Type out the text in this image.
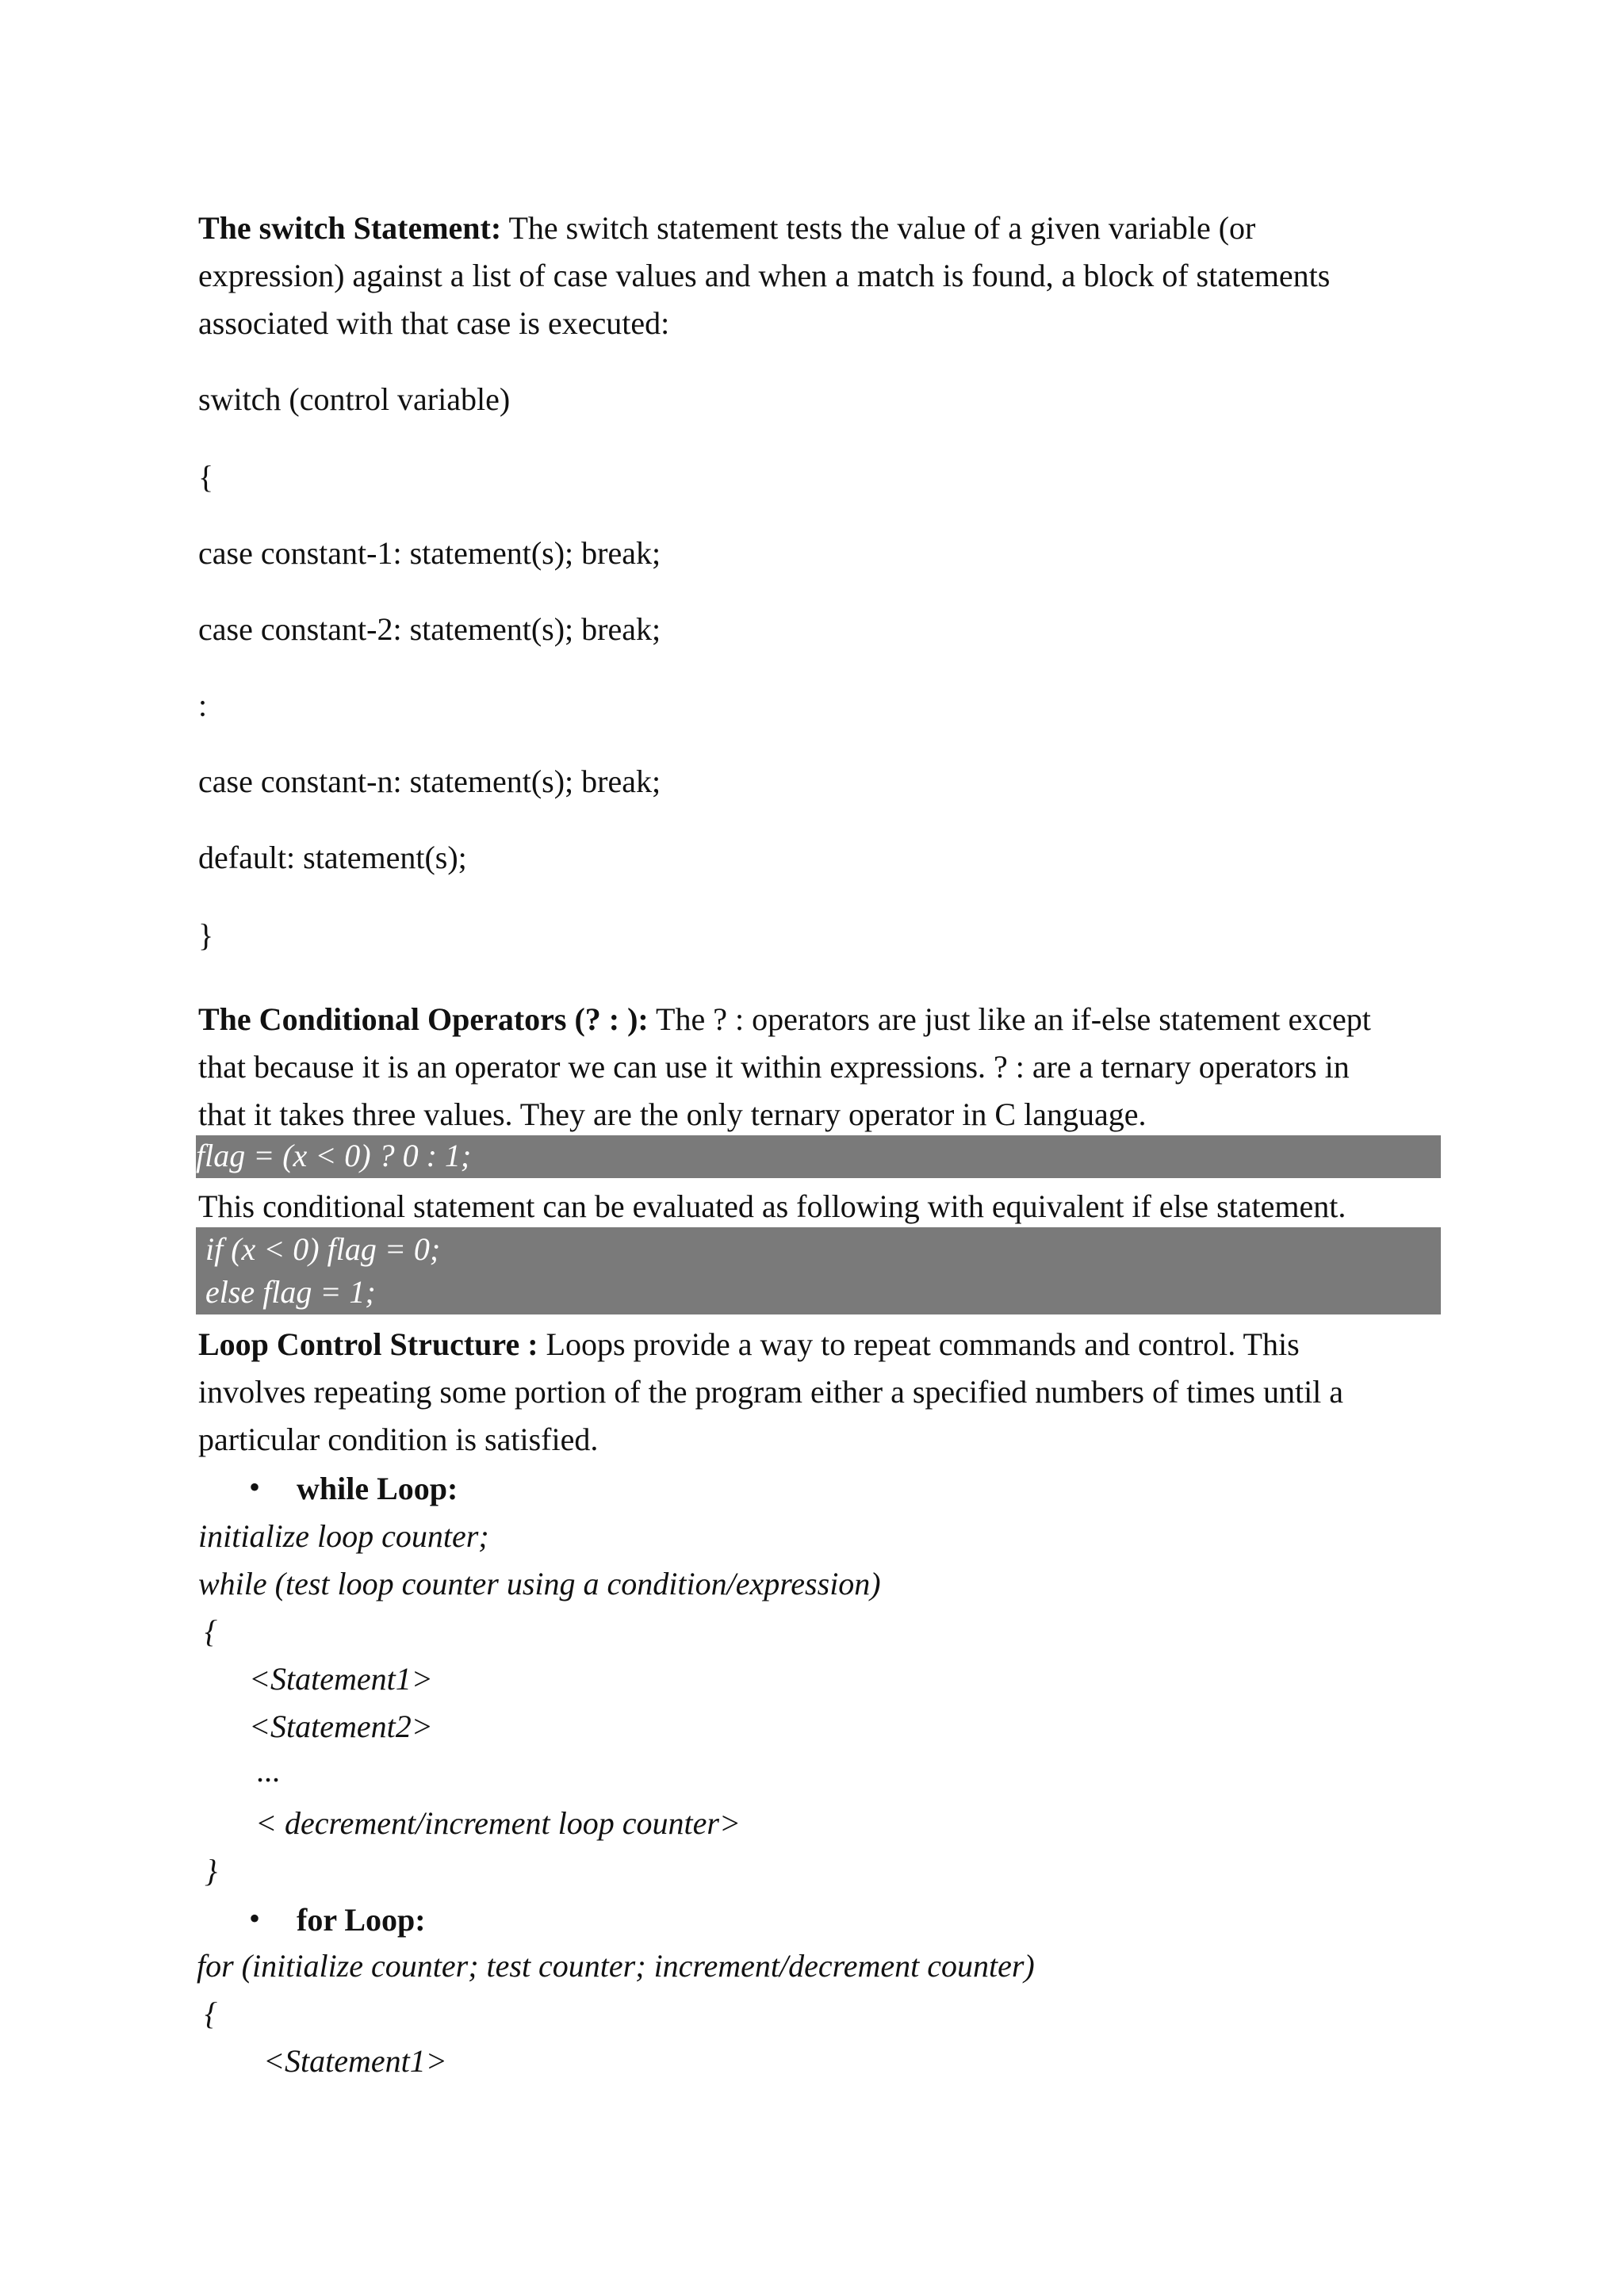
The switch Statement: The switch statement tests the value of a given variable (or
expression) against a list of case values and when a match is found, a block of statements
associated with that case is executed:
switch (control variable)
{
case constant-1: statement(s); break;
case constant-2: statement(s); break;
:
case constant-n: statement(s); break;
default: statement(s);
}
The Conditional Operators (? : ): The ? : operators are just like an if-else statement except
that because it is an operator we can use it within expressions. ? : are a ternary operators in
that it takes three values. They are the only ternary operator in C language.
flag = (x < 0) ? 0 : 1;
This conditional statement can be evaluated as following with equivalent if else statement.
if (x < 0) flag = 0;
else flag = 1;
Loop Control Structure : Loops provide a way to repeat commands and control. This
involves repeating some portion of the program either a specified numbers of times until a
particular condition is satisfied.
• while Loop:
initialize loop counter;
while (test loop counter using a condition/expression)
{
<Statement1>
<Statement2>
...
< decrement/increment loop counter>
}
• for Loop:
for (initialize counter; test counter; increment/decrement counter)
{
<Statement1>
